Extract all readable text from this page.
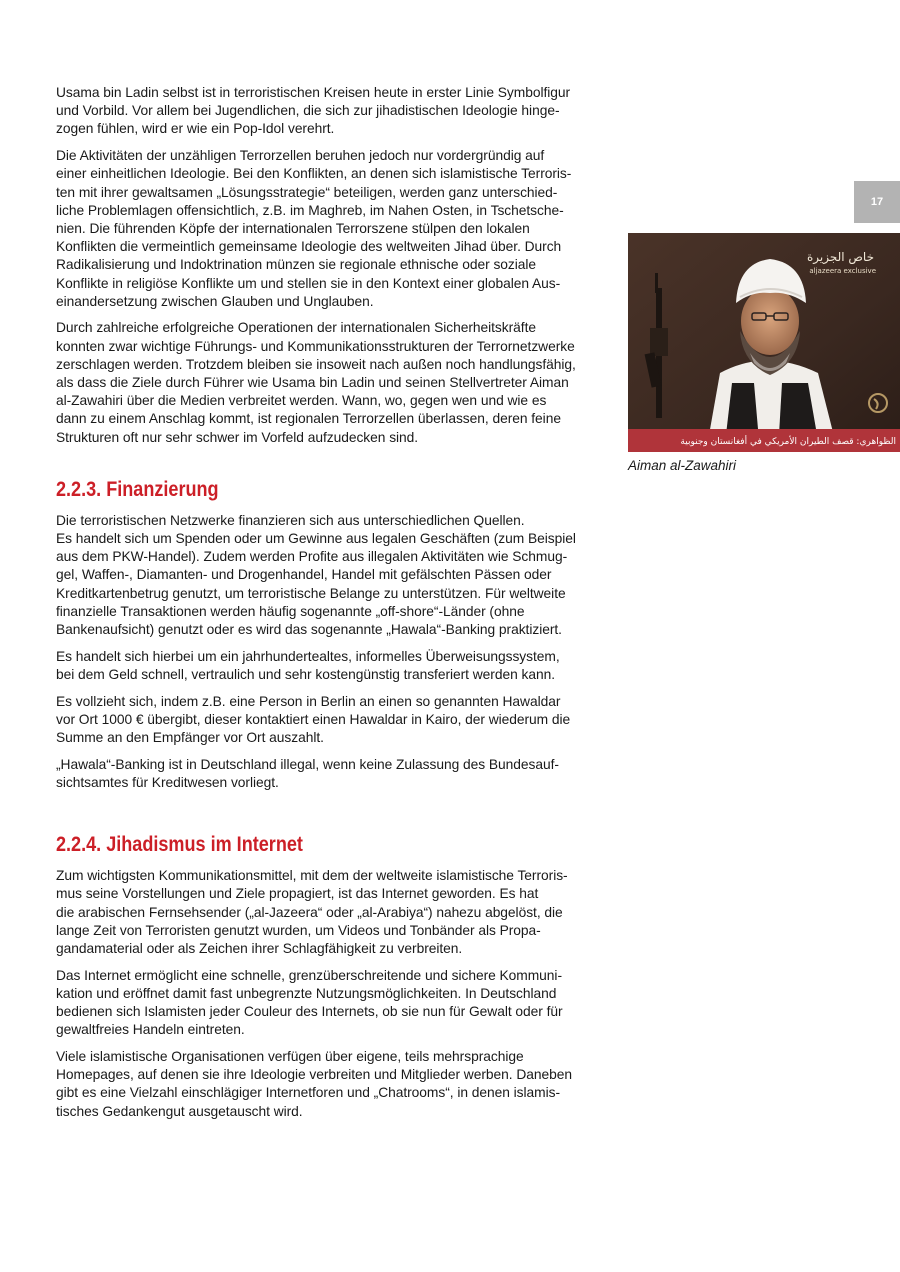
Usama bin Ladin selbst ist in terroristischen Kreisen heute in erster Linie Symbolfigur
und Vorbild. Vor allem bei Jugendlichen, die sich zur jihadistischen Ideologie hinge-
zogen fühlen, wird er wie ein Pop-Idol verehrt.

Die Aktivitäten der unzähligen Terrorzellen beruhen jedoch nur vordergründig auf
einer einheitlichen Ideologie. Bei den Konflikten, an denen sich islamistische Terroris-
ten mit ihrer gewaltsamen „Lösungsstrategie“ beteiligen, werden ganz unterschied-
liche Problemlagen offensichtlich, z.B. im Maghreb, im Nahen Osten, in Tschetsche-
nien. Die führenden Köpfe der internationalen Terrorszene stülpen den lokalen
Konflikten die vermeintlich gemeinsame Ideologie des weltweiten Jihad über. Durch
Radikalisierung und Indoktrination münzen sie regionale ethnische oder soziale
Konflikte in religiöse Konflikte um und stellen sie in den Kontext einer globalen Aus-
einandersetzung zwischen Glauben und Unglauben.

Durch zahlreiche erfolgreiche Operationen der internationalen Sicherheitskräfte
konnten zwar wichtige Führungs- und Kommunikationsstrukturen der Terrornetzwerke
zerschlagen werden. Trotzdem bleiben sie insoweit nach außen noch handlungsfähig,
als dass die Ziele durch Führer wie Usama bin Ladin und seinen Stellvertreter Aiman
al-Zawahiri über die Medien verbreitet werden. Wann, wo, gegen wen und wie es
dann zu einem Anschlag kommt, ist regionalen Terrorzellen überlassen, deren feine
Strukturen oft nur sehr schwer im Vorfeld aufzudecken sind.

2.2.3. Finanzierung

Die terroristischen Netzwerke finanzieren sich aus unterschiedlichen Quellen.
Es handelt sich um Spenden oder um Gewinne aus legalen Geschäften (zum Beispiel
aus dem PKW-Handel). Zudem werden Profite aus illegalen Aktivitäten wie Schmug-
gel, Waffen-, Diamanten- und Drogenhandel, Handel mit gefälschten Pässen oder
Kreditkartenbetrug genutzt, um terroristische Belange zu unterstützen. Für weltweite
finanzielle Transaktionen werden häufig sogenannte „off-shore“-Länder (ohne
Bankenaufsicht) genutzt oder es wird das sogenannte „Hawala“-Banking praktiziert.

Es handelt sich hierbei um ein jahrhundertealtes, informelles Überweisungssystem,
bei dem Geld schnell, vertraulich und sehr kostengünstig transferiert werden kann.

Es vollzieht sich, indem z.B. eine Person in Berlin an einen so genannten Hawaldar
vor Ort 1000 € übergibt, dieser kontaktiert einen Hawaldar in Kairo, der wiederum die
Summe an den Empfänger vor Ort auszahlt.

„Hawala“-Banking ist in Deutschland illegal, wenn keine Zulassung des Bundesauf-
sichtsamtes für Kreditwesen vorliegt.

2.2.4. Jihadismus im Internet

Zum wichtigsten Kommunikationsmittel, mit dem der weltweite islamistische Terroris-
mus seine Vorstellungen und Ziele propagiert, ist das Internet geworden. Es hat
die arabischen Fernsehsender („al-Jazeera“ oder „al-Arabiya“) nahezu abgelöst, die
lange Zeit von Terroristen genutzt wurden, um Videos und Tonbänder als Propa-
gandamaterial oder als Zeichen ihrer Schlagfähigkeit zu verbreiten.

Das Internet ermöglicht eine schnelle, grenzüberschreitende und sichere Kommuni-
kation und eröffnet damit fast unbegrenzte Nutzungsmöglichkeiten. In Deutschland
bedienen sich Islamisten jeder Couleur des Internets, ob sie nun für Gewalt oder für
gewaltfreies Handeln eintreten.

Viele islamistische Organisationen verfügen über eigene, teils mehrsprachige
Homepages, auf denen sie ihre Ideologie verbreiten und Mitglieder werben. Daneben
gibt es eine Vielzahl einschlägiger Internetforen und „Chatrooms“, in denen islamis-
tisches Gedankengut ausgetauscht wird.

17
خاص الجزيرة
aljazeera exclusive
الظواهري: قصف الطيران الأمريكي في أفغانستان وجنوبية
Aiman al-Zawahiri
